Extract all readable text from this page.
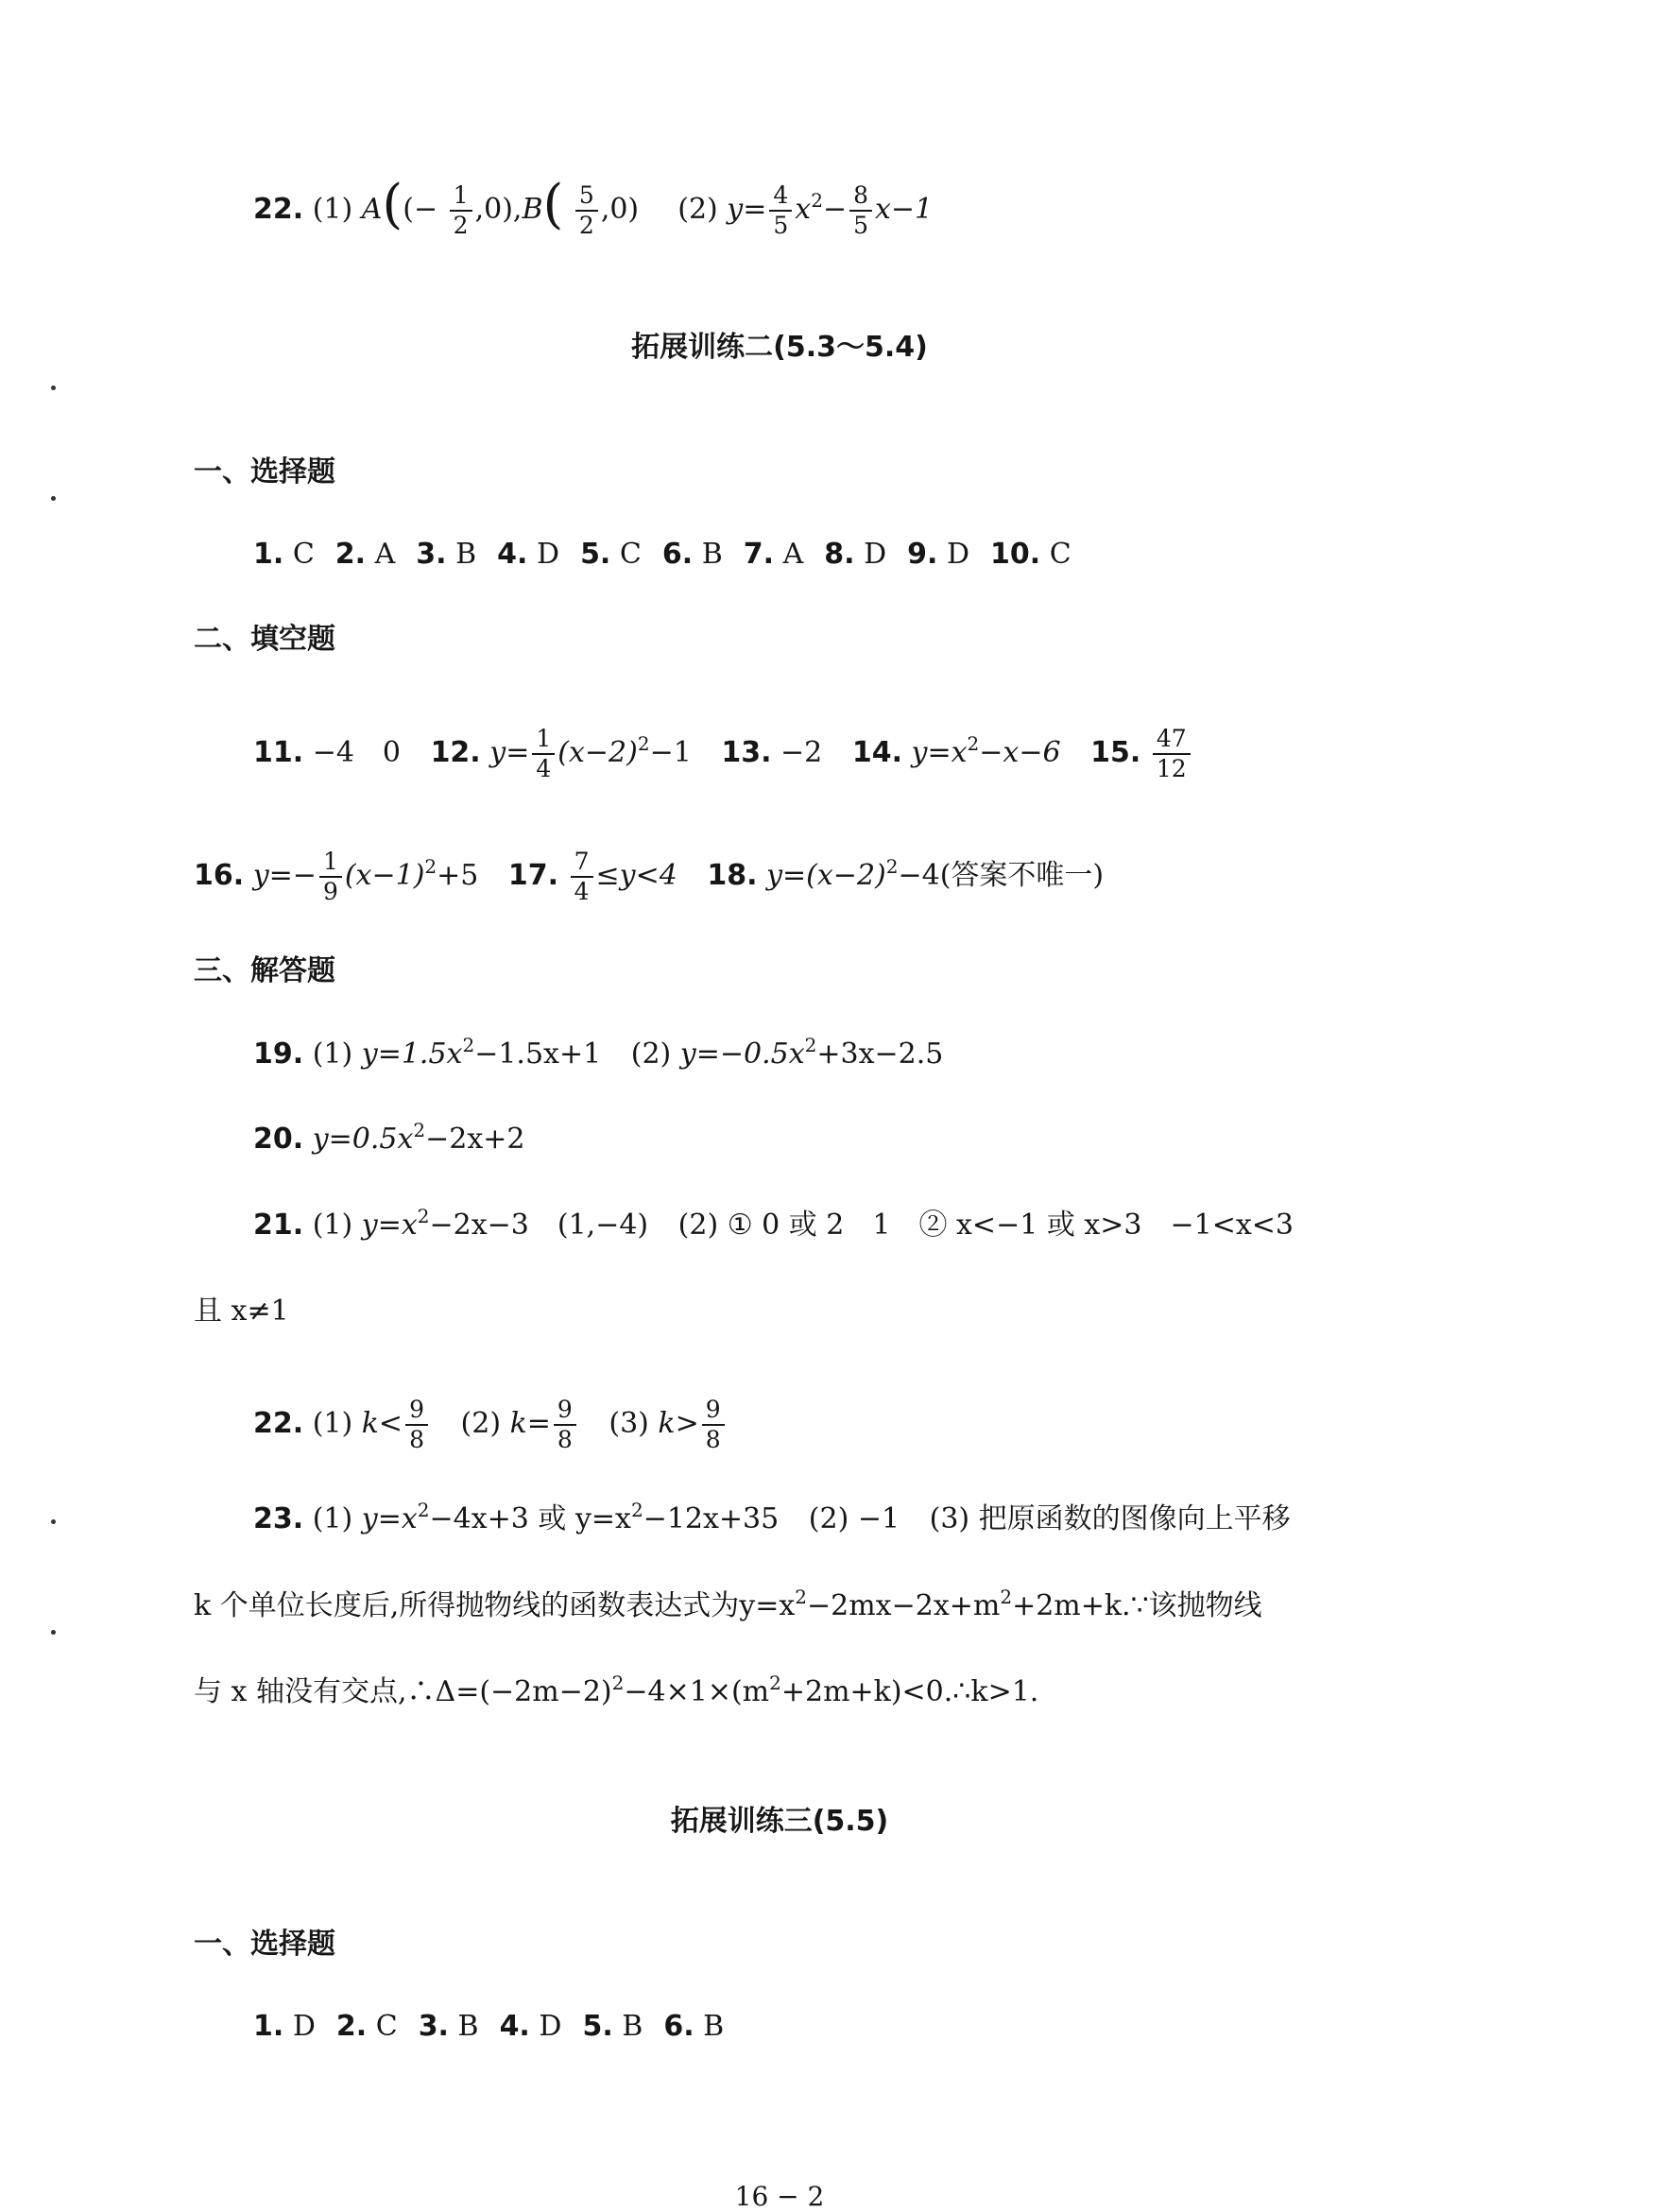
22. (1) $A((- \frac{1}{2} ,0),B( \frac{5}{2} ,0)$ (2) $y= \frac{4}{5} x^2- \frac{8}{5} x-1$
拓展训练二(5.3～5.4)
一、选择题
1. C 2. A 3. B 4. D 5. C 6. B 7. A 8. D 9. D 10. C
二、填空题
11. −4　0 12. $y= \frac{1}{4} (x-2)^2-1$ 13. −2 14. $y=x^2-x-6$ 15. $\frac{47}{12}$
16. $y=- \frac{1}{9} (x-1)^2+5$ 17. $\frac{7}{4} \le y<4$ 18. $y=(x-2)^2-4$(答案不唯一)
三、解答题
19. (1) $y=1.5x^2-1.5x+1$ (2) $y=-0.5x^2+3x-2.5$
20. $y=0.5x^2-2x+2$
21. (1) $y=x^2-2x-3$　(1,−4) (2) ① 0 或 2　1　② x<−1 或 x>3　−1<x<3
且 x≠1
22. (1) $k< \frac{9}{8} (2)$ $k= \frac{9}{8} (3)$ $k> \frac{9}{8}$
23. (1) $y=x^2-4x+3$ 或 $y=x^2-12x+35$ (2) −1 (3) 把原函数的图像向上平移
k 个单位长度后,所得抛物线的函数表达式为$y=x^2-2mx-2x+m^2+2m+k.\because$该抛物线
与 x 轴没有交点$,\therefore\Delta=(-2m-2)^2-4\times 1\times(m^2+2m+k)<0.\therefore k>1$.
拓展训练三(5.5)
一、选择题
1. D 2. C 3. B 4. D 5. B 6. B
16 − 2
